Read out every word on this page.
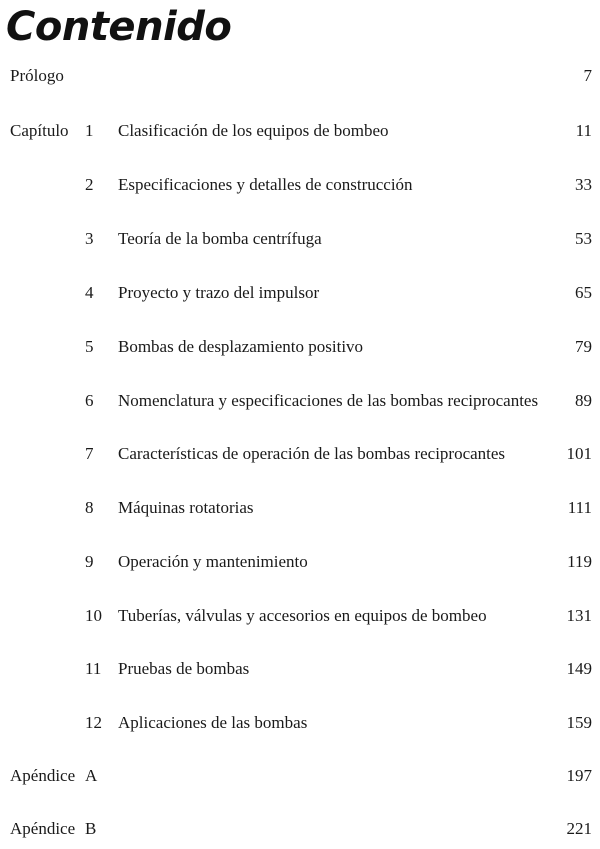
Contenido
Prólogo	7
Capítulo 1 Clasificación de los equipos de bombeo	11
2 Especificaciones y detalles de construcción	33
3 Teoría de la bomba centrífuga	53
4 Proyecto y trazo del impulsor	65
5 Bombas de desplazamiento positivo	79
6 Nomenclatura y especificaciones de las bombas reciprocantes 89
7 Características de operación de las bombas reciprocantes	101
8 Máquinas rotatorias	111
9 Operación y mantenimiento	119
10 Tuberías, válvulas y accesorios en equipos de bombeo	131
11 Pruebas de bombas	149
12 Aplicaciones de las bombas	159
Apéndice A	197
Apéndice B	221
